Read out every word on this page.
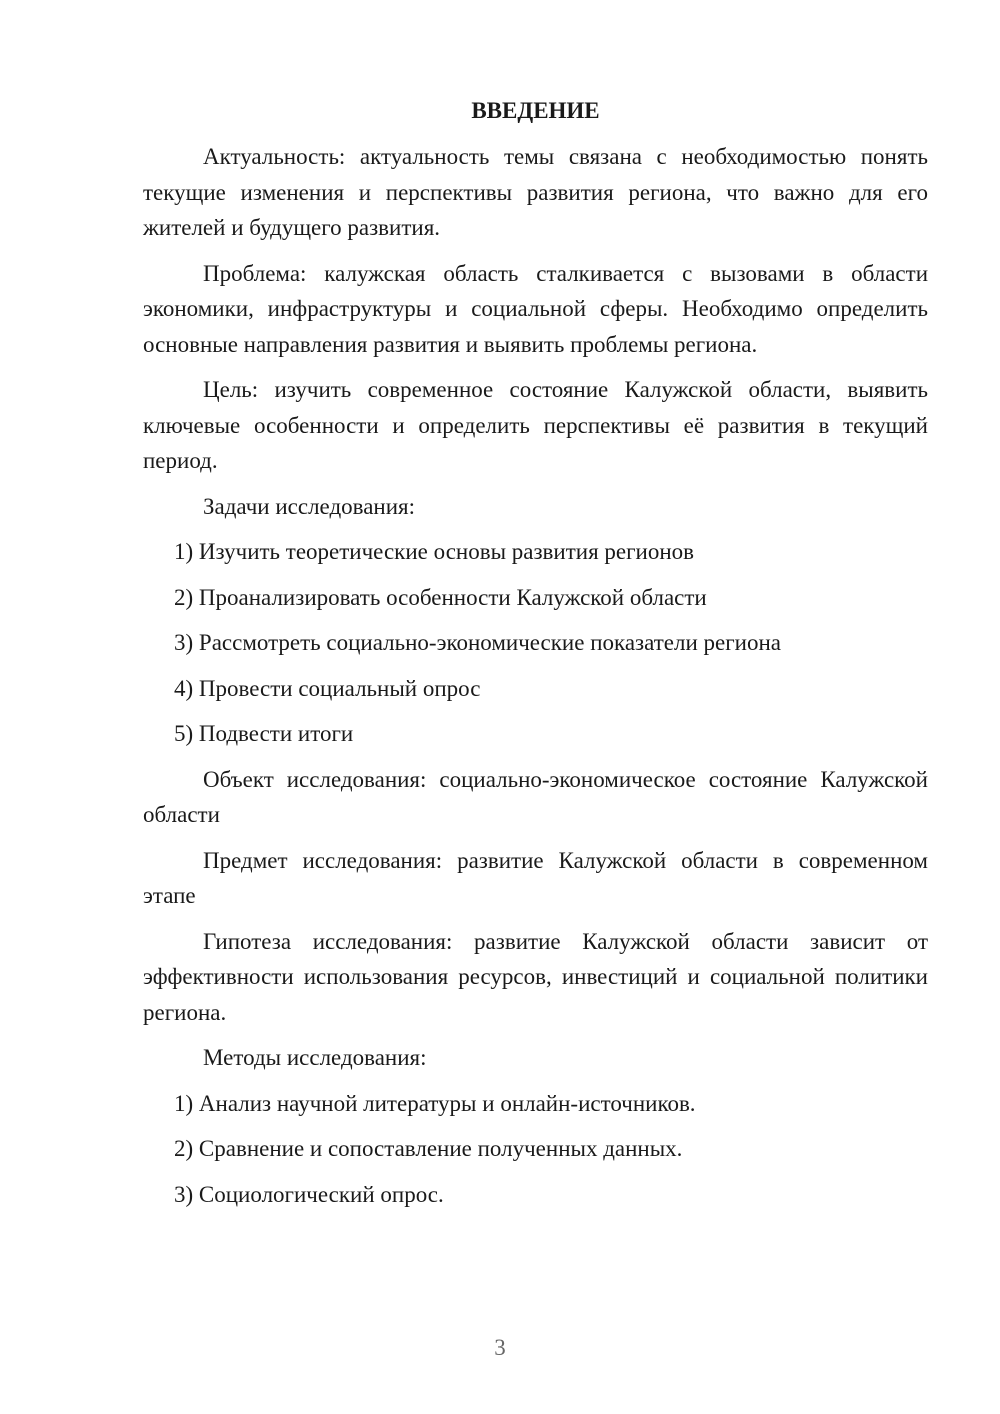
ВВЕДЕНИЕ

Актуальность: актуальность темы связана с необходимостью понять текущие изменения и перспективы развития региона, что важно для его жителей и будущего развития.

Проблема: калужская область сталкивается с вызовами в области экономики, инфраструктуры и социальной сферы. Необходимо определить основные направления развития и выявить проблемы региона.

Цель: изучить современное состояние Калужской области, выявить ключевые особенности и определить перспективы её развития в текущий период.

Задачи исследования:

1) Изучить теоретические основы развития регионов
2) Проанализировать особенности Калужской области
3) Рассмотреть социально-экономические показатели региона
4) Провести социальный опрос
5) Подвести итоги

Объект исследования: социально-экономическое состояние Калужской области

Предмет исследования: развитие Калужской области в современном этапе

Гипотеза исследования: развитие Калужской области зависит от эффективности использования ресурсов, инвестиций и социальной политики региона.

Методы исследования:

1) Анализ научной литературы и онлайн-источников.
2) Сравнение и сопоставление полученных данных.
3) Социологический опрос.
3
